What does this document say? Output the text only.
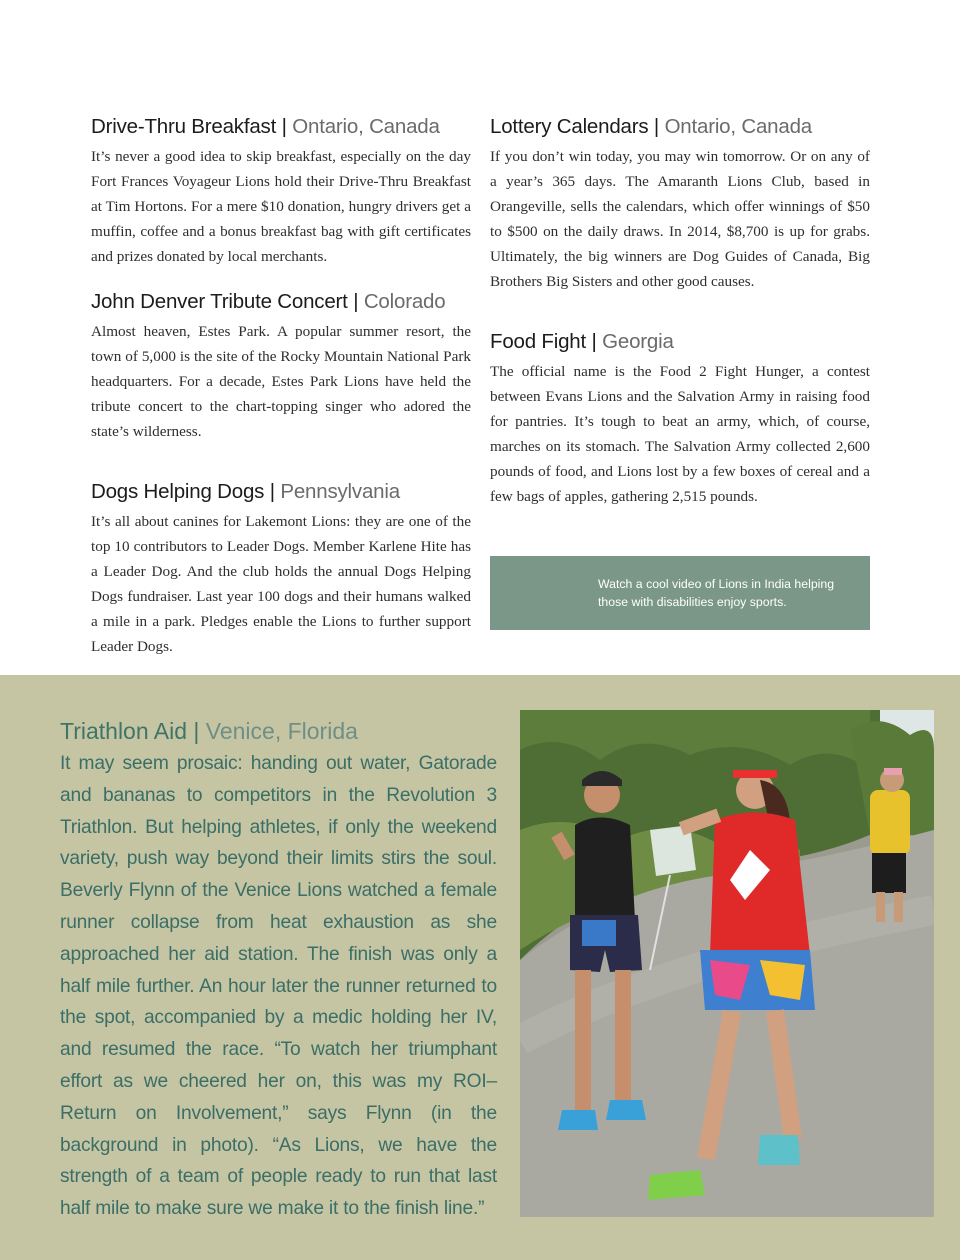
Drive-Thru Breakfast | Ontario, Canada

It’s never a good idea to skip breakfast, especially on the day Fort Frances Voyageur Lions hold their Drive-Thru Breakfast at Tim Hortons. For a mere $10 donation, hungry drivers get a muffin, coffee and a bonus breakfast bag with gift certificates and prizes donated by local merchants.

John Denver Tribute Concert | Colorado

Almost heaven, Estes Park. A popular summer resort, the town of 5,000 is the site of the Rocky Mountain National Park headquarters. For a decade, Estes Park Lions have held the tribute concert to the chart-topping singer who adored the state’s wilderness.

Dogs Helping Dogs | Pennsylvania

It’s all about canines for Lakemont Lions: they are one of the top 10 contributors to Leader Dogs. Member Karlene Hite has a Leader Dog. And the club holds the annual Dogs Helping Dogs fundraiser. Last year 100 dogs and their humans walked a mile in a park. Pledges enable the Lions to further support Leader Dogs.

Lottery Calendars | Ontario, Canada

If you don’t win today, you may win tomorrow. Or on any of a year’s 365 days. The Amaranth Lions Club, based in Orangeville, sells the calendars, which offer winnings of $50 to $500 on the daily draws. In 2014, $8,700 is up for grabs. Ultimately, the big winners are Dog Guides of Canada, Big Brothers Big Sisters and other good causes.

Food Fight | Georgia

The official name is the Food 2 Fight Hunger, a contest between Evans Lions and the Salvation Army in raising food for pantries. It’s tough to beat an army, which, of course, marches on its stomach. The Salvation Army collected 2,600 pounds of food, and Lions lost by a few boxes of cereal and a few bags of apples, gathering 2,515 pounds.

Watch a cool video of Lions in India helping those with disabilities enjoy sports.
Triathlon Aid | Venice, Florida

It may seem prosaic: handing out water, Gatorade and bananas to competitors in the Revolution 3 Triathlon. But helping athletes, if only the weekend variety, push way beyond their limits stirs the soul. Beverly Flynn of the Venice Lions watched a female runner collapse from heat exhaustion as she approached her aid station. The finish was only a half mile further. An hour later the runner returned to the spot, accompanied by a medic holding her IV, and resumed the race. “To watch her triumphant effort as we cheered her on, this was my ROI–Return on Involvement,” says Flynn (in the background in photo). “As Lions, we have the strength of a team of people ready to run that last half mile to make sure we make it to the finish line.”
